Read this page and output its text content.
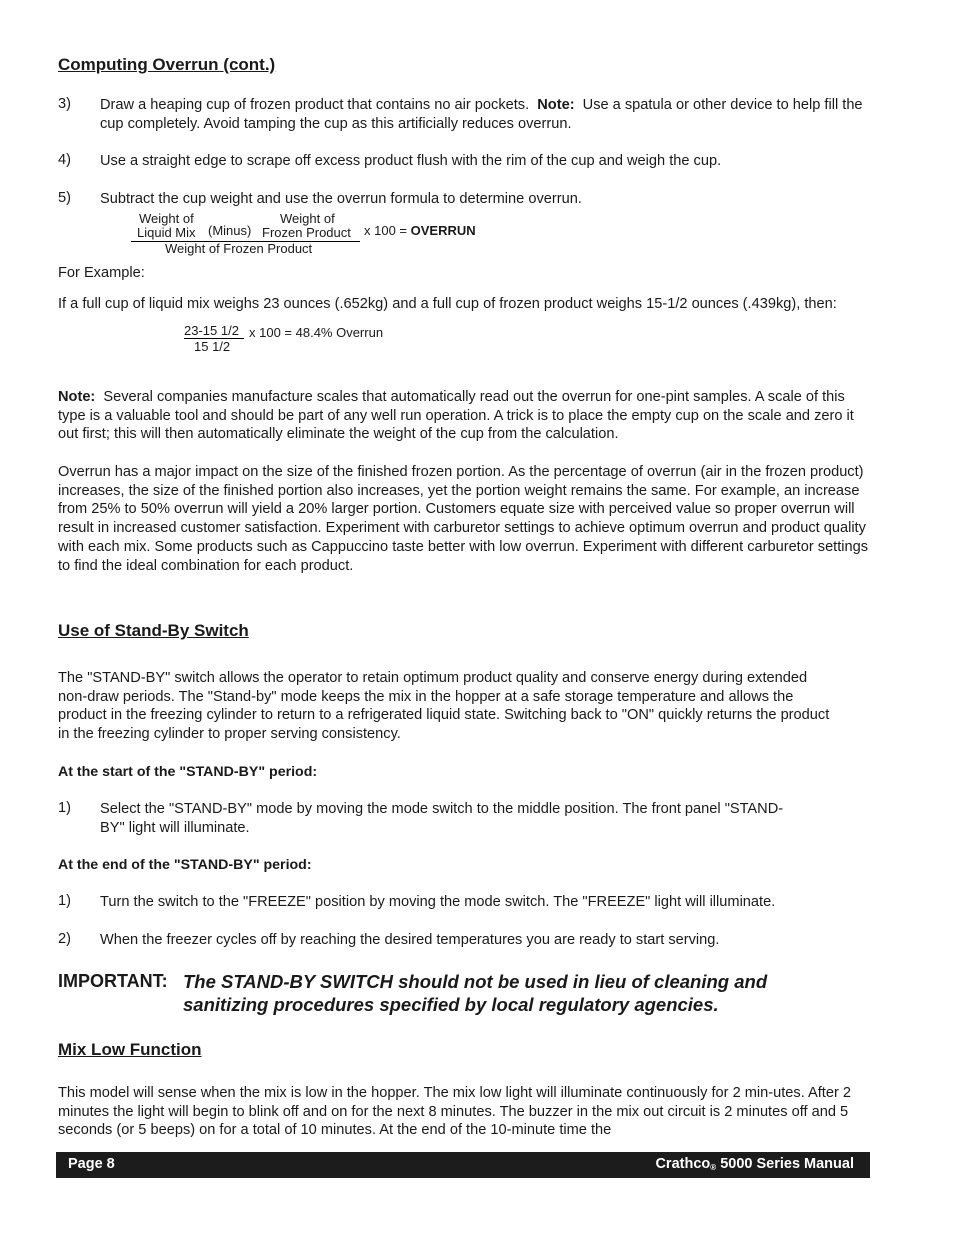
Computing Overrun (cont.)
3) Draw a heaping cup of frozen product that contains no air pockets. Note: Use a spatula or other device to help fill the cup completely. Avoid tamping the cup as this artificially reduces overrun.
4) Use a straight edge to scrape off excess product flush with the rim of the cup and weigh the cup.
5) Subtract the cup weight and use the overrun formula to determine overrun.
Weight of
Liquid Mix (Minus)
Weight of
Frozen Product
Weight of Frozen Product
x 100 = OVERRUN
For Example:
If a full cup of liquid mix weighs 23 ounces (.652kg) and a full cup of frozen product weighs 15-1/2 ounces (.439kg), then:
23-15 1/2
15 1/2
x 100 = 48.4% Overrun
Note: Several companies manufacture scales that automatically read out the overrun for one-pint samples. A scale of this type is a valuable tool and should be part of any well run operation. A trick is to place the empty cup on the scale and zero it out first; this will then automatically eliminate the weight of the cup from the calculation.
Overrun has a major impact on the size of the finished frozen portion. As the percentage of overrun (air in the frozen product) increases, the size of the finished portion also increases, yet the portion weight remains the same. For example, an increase from 25% to 50% overrun will yield a 20% larger portion. Customers equate size with perceived value so proper overrun will result in increased customer satisfaction. Experiment with carburetor settings to achieve optimum overrun and product quality with each mix. Some products such as Cappuccino taste better with low overrun. Experiment with different carburetor settings to find the ideal combination for each product.
Use of Stand-By Switch
The "STAND-BY" switch allows the operator to retain optimum product quality and conserve energy during extended non-draw periods. The "Stand-by" mode keeps the mix in the hopper at a safe storage temperature and allows the product in the freezing cylinder to return to a refrigerated liquid state. Switching back to "ON" quickly returns the product in the freezing cylinder to proper serving consistency.
At the start of the "STAND-BY" period:
1) Select the "STAND-BY" mode by moving the mode switch to the middle position. The front panel "STAND-BY" light will illuminate.
At the end of the "STAND-BY" period:
1) Turn the switch to the "FREEZE" position by moving the mode switch. The "FREEZE" light will illuminate.
2) When the freezer cycles off by reaching the desired temperatures you are ready to start serving.
IMPORTANT: The STAND-BY SWITCH should not be used in lieu of cleaning and
sanitizing procedures specified by local regulatory agencies.
Mix Low Function
This model will sense when the mix is low in the hopper. The mix low light will illuminate continuously for 2 min-utes. After 2 minutes the light will begin to blink off and on for the next 8 minutes. The buzzer in the mix out circuit is 2 minutes off and 5 seconds (or 5 beeps) on for a total of 10 minutes. At the end of the 10-minute time the
Page 8	Crathco® 5000 Series Manual
